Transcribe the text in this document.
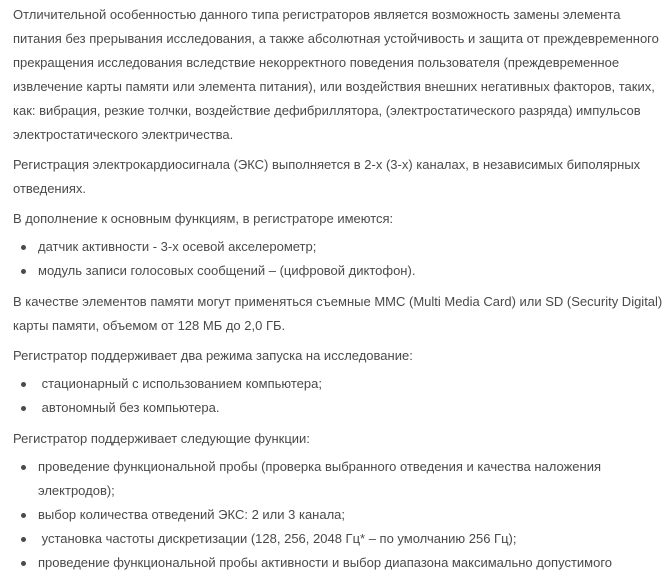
Отличительной особенностью данного типа регистраторов является возможность замены элемента питания без прерывания исследования, а также абсолютная устойчивость и защита от преждевременного прекращения исследования вследствие некорректного поведения пользователя (преждевременное извлечение карты памяти или элемента питания), или воздействия внешних негативных факторов, таких, как: вибрация, резкие толчки, воздействие дефибриллятора, (электростатического разряда) импульсов электростатического электричества.

Регистрация электрокардиосигнала (ЭКС) выполняется в 2-х (3-х) каналах, в независимых биполярных отведениях.

В дополнение к основным функциям, в регистраторе имеются:

датчик активности - 3-х осевой акселерометр;
модуль записи голосовых сообщений – (цифровой диктофон).

В качестве элементов памяти могут применяться съемные MMC (Multi Media Card) или SD (Security Digital) карты памяти, объемом от 128 МБ до 2,0 ГБ.

Регистратор поддерживает два режима запуска на исследование:

стационарный с использованием компьютера;
автономный без компьютера.

Регистратор поддерживает следующие функции:

проведение функциональной пробы (проверка выбранного отведения и качества наложения электродов);
выбор количества отведений ЭКС: 2 или 3 канала;
установка частоты дискретизации (128, 256, 2048 Гц* – по умолчанию 256 Гц);
проведение функциональной пробы активности и выбор диапазона максимально допустимого
